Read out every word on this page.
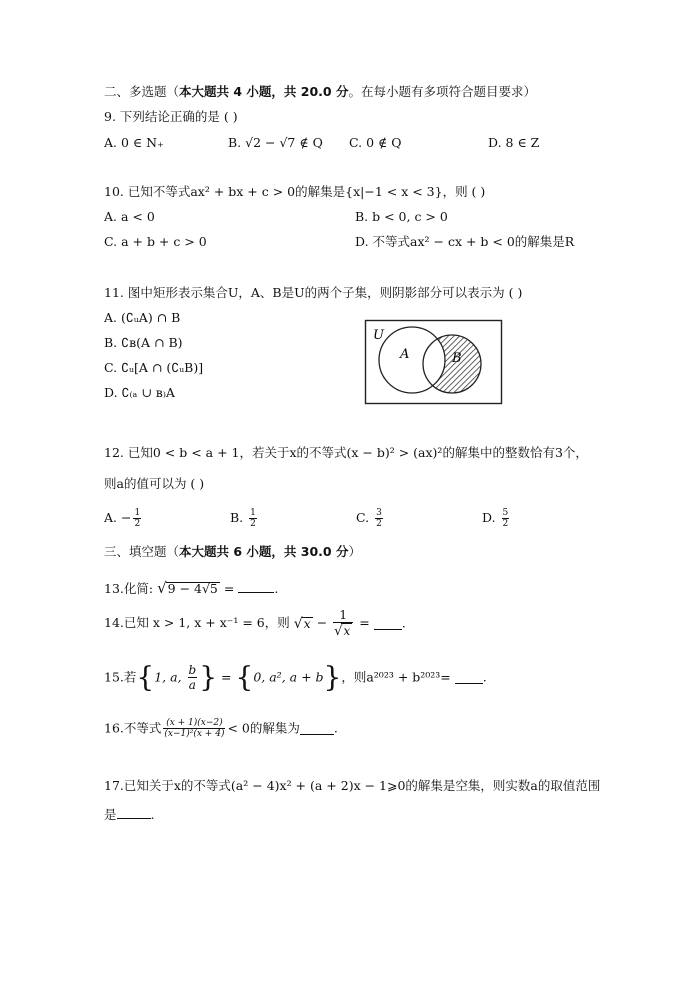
二、多选题（本大题共 4 小题，共 20.0 分。在每小题有多项符合题目要求）
9. 下列结论正确的是 ( )
A. 0 ∈ N₊	B. √2 − √7 ∉ Q C. 0 ∉ Q	D. 8 ∈ Z
10. 已知不等式ax² + bx + c > 0的解集是{x|−1 < x < 3}，则 ( )
A. a < 0	B. b < 0, c > 0
C. a + b + c > 0	D. 不等式ax² − cx + b < 0的解集是R
11. 图中矩形表示集合U，A、B是U的两个子集，则阴影部分可以表示为 ( )
A. (∁ᵤA) ∩ B
B. ∁ʙ(A ∩ B)
C. ∁ᵤ[A ∩ (∁ᵤB)]
D. ∁₍ₐ ∪ ʙ₎A
U
A	B
12. 已知0 < b < a + 1，若关于x的不等式(x − b)² > (ax)²的解集中的整数恰有3个，
则a的值可以为 ( )
A. − $\frac{1}{2}$	B. $\frac{1}{2}$	C. $\frac{3}{2}$	D. $\frac{5}{2}$
三、填空题（本大题共 6 小题，共 30.0 分）
13.化简: √9 − 4√5 =	.
14.已知 x > 1, x + x⁻¹ = 6，则 $√x - \frac{1}{√x}$ =	.
15.若{1, a, $\frac{b}{a}$ } = {0, a², a + b}，则a²⁰²³ + b²⁰²³=	.
16.不等式 $\frac{(x + 1)(x-2)}{\text{(x−1)²(x + 4)}} < 0$的解集为	.
17.已知关于x的不等式(a² − 4)x² + (a + 2)x − 1⩾0的解集是空集，则实数a的取值范围
是	.
